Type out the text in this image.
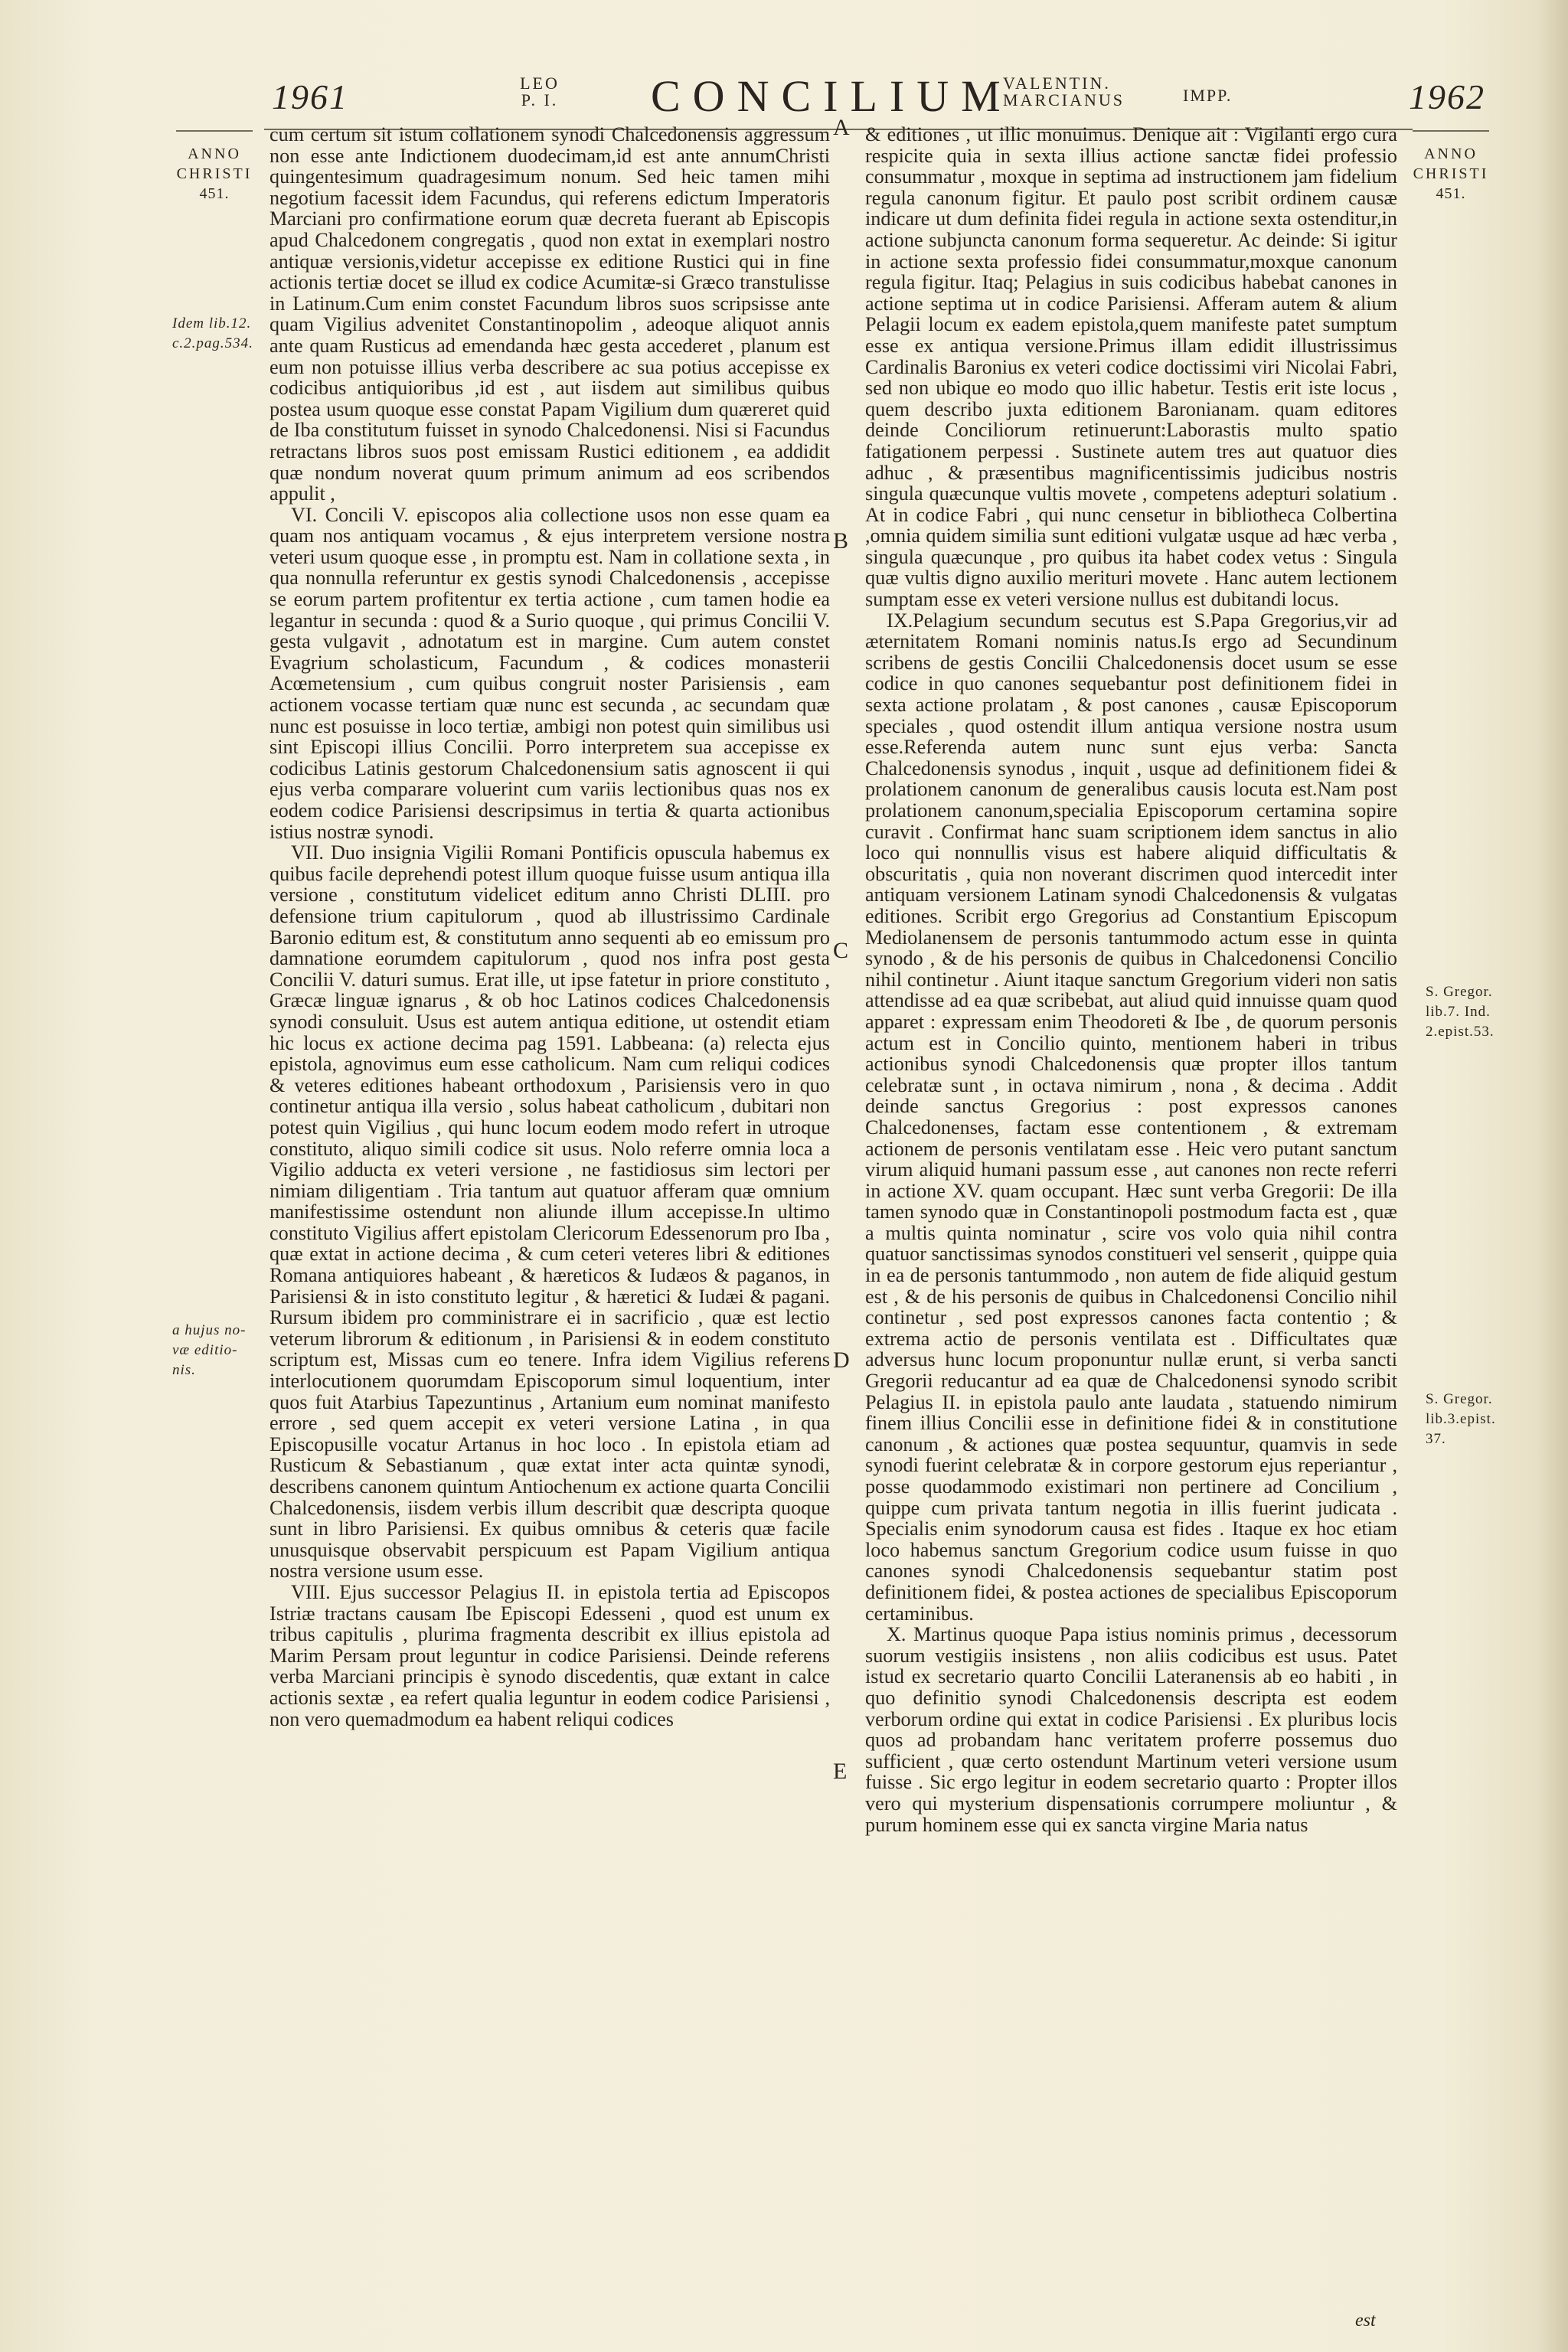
1961	LEO
P. I.	CONCILIUM
VALENTIN.
MARCIANUS	IMPP.	1962
ANNO
CHRISTI
451.
ANNO
CHRISTI
451.
Idem lib.12.
c.2.pag.534.
a hujus no-
væ editio-
nis.
S. Gregor.
lib.7. Ind.
2.epist.53.
S. Gregor.
lib.3.epist.
37.
A
B
C
D
E

cum certum sit istum collationem synodi Chalcedonensis aggressum non esse ante Indictionem duodecimam,id est ante annumChristi quingentesimum quadragesimum nonum. Sed heic tamen mihi negotium facessit idem Facundus, qui referens edictum Imperatoris Marciani pro confirmatione eorum quæ decreta fuerant ab Episcopis apud Chalcedonem congregatis , quod non extat in exemplari nostro antiquæ versionis,videtur accepisse ex editione Rustici qui in fine actionis tertiæ docet se illud ex codice Acumitæ-si Græco transtulisse in Latinum.Cum enim constet Facundum libros suos scripsisse ante quam Vigilius advenitet Constantinopolim , adeoque aliquot annis ante quam Rusticus ad emendanda hæc gesta accederet , planum est eum non potuisse illius verba describere ac sua potius accepisse ex codicibus antiquioribus ,id est , aut iisdem aut similibus quibus postea usum quoque esse constat Papam Vigilium dum quæreret quid de Iba constitutum fuisset in synodo Chalcedonensi. Nisi si Facundus retractans libros suos post emissam Rustici editionem , ea addidit quæ nondum noverat quum primum animum ad eos scribendos appulit ,

VI. Concili V. episcopos alia collectione usos non esse quam ea quam nos antiquam vocamus , & ejus interpretem versione nostra veteri usum quoque esse , in promptu est. Nam in collatione sexta , in qua nonnulla referuntur ex gestis synodi Chalcedonensis , accepisse se eorum partem profitentur ex tertia actione , cum tamen hodie ea legantur in secunda : quod & a Surio quoque , qui primus Concilii V. gesta vulgavit , adnotatum est in margine. Cum autem constet Evagrium scholasticum, Facundum , & codices monasterii Acœmetensium , cum quibus congruit noster Parisiensis , eam actionem vocasse tertiam quæ nunc est secunda , ac secundam quæ nunc est posuisse in loco tertiæ, ambigi non potest quin similibus usi sint Episcopi illius Concilii. Porro interpretem sua accepisse ex codicibus Latinis gestorum Chalcedonensium satis agnoscent ii qui ejus verba comparare voluerint cum variis lectionibus quas nos ex eodem codice Parisiensi descripsimus in tertia & quarta actionibus istius nostræ synodi.

VII. Duo insignia Vigilii Romani Pontificis opuscula habemus ex quibus facile deprehendi potest illum quoque fuisse usum antiqua illa versione , constitutum videlicet editum anno Christi DLIII. pro defensione trium capitulorum , quod ab illustrissimo Cardinale Baronio editum est, & constitutum anno sequenti ab eo emissum pro damnatione eorumdem capitulorum , quod nos infra post gesta Concilii V. daturi sumus. Erat ille, ut ipse fatetur in priore constituto , Græcæ linguæ ignarus , & ob hoc Latinos codices Chalcedonensis synodi consuluit. Usus est autem antiqua editione, ut ostendit etiam hic locus ex actione decima pag 1591. Labbeana: (a) relecta ejus epistola, agnovimus eum esse catholicum. Nam cum reliqui codices & veteres editiones habeant orthodoxum , Parisiensis vero in quo continetur antiqua illa versio , solus habeat catholicum , dubitari non potest quin Vigilius , qui hunc locum eodem modo refert in utroque constituto, aliquo simili codice sit usus. Nolo referre omnia loca a Vigilio adducta ex veteri versione , ne fastidiosus sim lectori per nimiam diligentiam . Tria tantum aut quatuor afferam quæ omnium manifestissime ostendunt non aliunde illum accepisse.In ultimo constituto Vigilius affert epistolam Clericorum Edessenorum pro Iba , quæ extat in actione decima , & cum ceteri veteres libri & editiones Romana antiquiores habeant , & hæreticos & Iudæos & paganos, in Parisiensi & in isto constituto legitur , & hæretici & Iudæi & pagani. Rursum ibidem pro comministrare ei in sacrificio , quæ est lectio veterum librorum & editionum , in Parisiensi & in eodem constituto scriptum est, Missas cum eo tenere. Infra idem Vigilius referens interlocutionem quorumdam Episcoporum simul loquentium, inter quos fuit Atarbius Tapezuntinus , Artanium eum nominat manifesto errore , sed quem accepit ex veteri versione Latina , in qua Episcopusille vocatur Artanus in hoc loco . In epistola etiam ad Rusticum & Sebastianum , quæ extat inter acta quintæ synodi, describens canonem quintum Antiochenum ex actione quarta Concilii Chalcedonensis, iisdem verbis illum describit quæ descripta quoque sunt in libro Parisiensi. Ex quibus omnibus & ceteris quæ facile unusquisque observabit perspicuum est Papam Vigilium antiqua nostra versione usum esse.

VIII. Ejus successor Pelagius II. in epistola tertia ad Episcopos Istriæ tractans causam Ibe Episcopi Edesseni , quod est unum ex tribus capitulis , plurima fragmenta describit ex illius epistola ad Marim Persam prout leguntur in codice Parisiensi. Deinde referens verba Marciani principis è synodo discedentis, quæ extant in calce actionis sextæ , ea refert qualia leguntur in eodem codice Parisiensi , non vero quemadmodum ea habent reliqui codices

& editiones , ut illic monuimus. Denique ait : Vigilanti ergo cura respicite quia in sexta illius actione sanctæ fidei professio consummatur , moxque in septima ad instructionem jam fidelium regula canonum figitur. Et paulo post scribit ordinem causæ indicare ut dum definita fidei regula in actione sexta ostenditur,in actione subjuncta canonum forma sequeretur. Ac deinde: Si igitur in actione sexta professio fidei consummatur,moxque canonum regula figitur. Itaq; Pelagius in suis codicibus habebat canones in actione septima ut in codice Parisiensi. Afferam autem & alium Pelagii locum ex eadem epistola,quem manifeste patet sumptum esse ex antiqua versione.Primus illam edidit illustrissimus Cardinalis Baronius ex veteri codice doctissimi viri Nicolai Fabri, sed non ubique eo modo quo illic habetur. Testis erit iste locus , quem describo juxta editionem Baronianam. quam editores deinde Conciliorum retinuerunt:Laborastis multo spatio fatigationem perpessi . Sustinete autem tres aut quatuor dies adhuc , & præsentibus magnificentissimis judicibus nostris singula quæcunque vultis movete , competens adepturi solatium . At in codice Fabri , qui nunc censetur in bibliotheca Colbertina ,omnia quidem similia sunt editioni vulgatæ usque ad hæc verba , singula quæcunque , pro quibus ita habet codex vetus : Singula quæ vultis digno auxilio merituri movete . Hanc autem lectionem sumptam esse ex veteri versione nullus est dubitandi locus.

IX.Pelagium secundum secutus est S.Papa Gregorius,vir ad æternitatem Romani nominis natus.Is ergo ad Secundinum scribens de gestis Concilii Chalcedonensis docet usum se esse codice in quo canones sequebantur post definitionem fidei in sexta actione prolatam , & post canones , causæ Episcoporum speciales , quod ostendit illum antiqua versione nostra usum esse.Referenda autem nunc sunt ejus verba: Sancta Chalcedonensis synodus , inquit , usque ad definitionem fidei & prolationem canonum de generalibus causis locuta est.Nam post prolationem canonum,specialia Episcoporum certamina sopire curavit . Confirmat hanc suam scriptionem idem sanctus in alio loco qui nonnullis visus est habere aliquid difficultatis & obscuritatis , quia non noverant discrimen quod intercedit inter antiquam versionem Latinam synodi Chalcedonensis & vulgatas editiones. Scribit ergo Gregorius ad Constantium Episcopum Mediolanensem de personis tantummodo actum esse in quinta synodo , & de his personis de quibus in Chalcedonensi Concilio nihil continetur . Aiunt itaque sanctum Gregorium videri non satis attendisse ad ea quæ scribebat, aut aliud quid innuisse quam quod apparet : expressam enim Theodoreti & Ibe , de quorum personis actum est in Concilio quinto, mentionem haberi in tribus actionibus synodi Chalcedonensis quæ propter illos tantum celebratæ sunt , in octava nimirum , nona , & decima . Addit deinde sanctus Gregorius : post expressos canones Chalcedonenses, factam esse contentionem , & extremam actionem de personis ventilatam esse . Heic vero putant sanctum virum aliquid humani passum esse , aut canones non recte referri in actione XV. quam occupant. Hæc sunt verba Gregorii: De illa tamen synodo quæ in Constantinopoli postmodum facta est , quæ a multis quinta nominatur , scire vos volo quia nihil contra quatuor sanctissimas synodos constitueri vel senserit , quippe quia in ea de personis tantummodo , non autem de fide aliquid gestum est , & de his personis de quibus in Chalcedonensi Concilio nihil continetur , sed post expressos canones facta contentio ; & extrema actio de personis ventilata est . Difficultates quæ adversus hunc locum proponuntur nullæ erunt, si verba sancti Gregorii reducantur ad ea quæ de Chalcedonensi synodo scribit Pelagius II. in epistola paulo ante laudata , statuendo nimirum finem illius Concilii esse in definitione fidei & in constitutione canonum , & actiones quæ postea sequuntur, quamvis in sede synodi fuerint celebratæ & in corpore gestorum ejus reperiantur , posse quodammodo existimari non pertinere ad Concilium , quippe cum privata tantum negotia in illis fuerint judicata . Specialis enim synodorum causa est fides . Itaque ex hoc etiam loco habemus sanctum Gregorium codice usum fuisse in quo canones synodi Chalcedonensis sequebantur statim post definitionem fidei, & postea actiones de specialibus Episcoporum certaminibus.

X. Martinus quoque Papa istius nominis primus , decessorum suorum vestigiis insistens , non aliis codicibus est usus. Patet istud ex secretario quarto Concilii Lateranensis ab eo habiti , in quo definitio synodi Chalcedonensis descripta est eodem verborum ordine qui extat in codice Parisiensi . Ex pluribus locis quos ad probandam hanc veritatem proferre possemus duo sufficient , quæ certo ostendunt Martinum veteri versione usum fuisse . Sic ergo legitur in eodem secretario quarto : Propter illos vero qui mysterium dispensationis corrumpere moliuntur , & purum hominem esse qui ex sancta virgine Maria natus

est
